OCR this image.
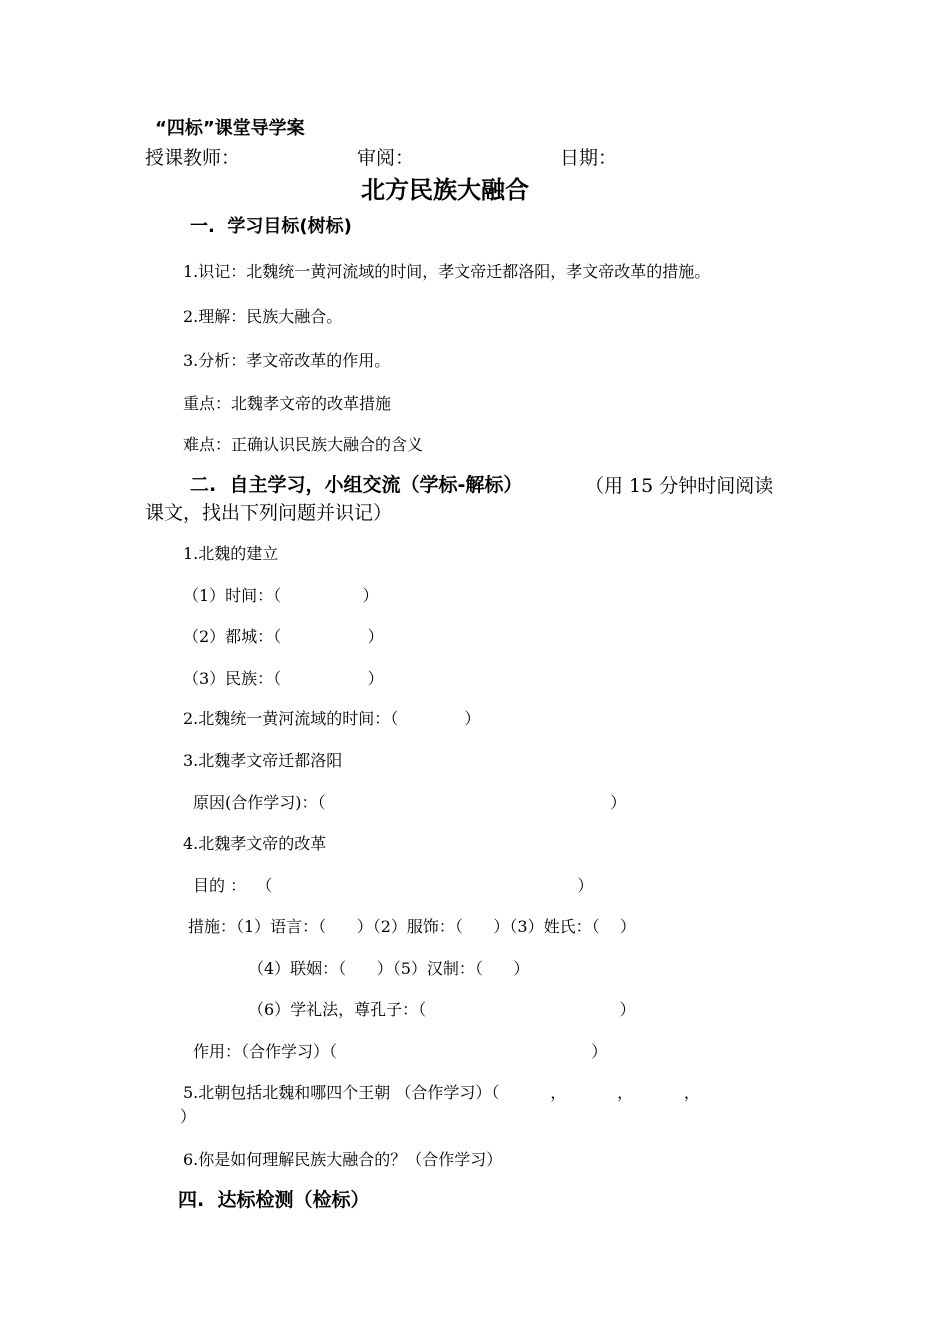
“四标”课堂导学案
授课教师：	审阅：	日期：
北方民族大融合
一.  学习目标(树标)
1.识记：北魏统一黄河流域的时间，孝文帝迁都洛阳，孝文帝改革的措施。
2.理解：民族大融合。
3.分析：孝文帝改革的作用。
重点：北魏孝文帝的改革措施
难点：正确认识民族大融合的含义
二.  自主学习，小组交流（学标-解标）	（用 15 分钟时间阅读
课文，找出下列问题并识记）
1.北魏的建立
（1）时间：（                ）
（2）都城：（                 ）
（3）民族：（                 ）
2.北魏统一黄河流域的时间：（             ）
3.北魏孝文帝迁都洛阳
原因(合作学习)：（                                                        ）
4.北魏孝文帝的改革
目的 ：  （                                                            ）
措施：（1）语言：（      ）（2）服饰：（      ）（3）姓氏：（    ）
（4）联姻：（      ）（5）汉制：（      ）
（6）学礼法，尊孔子：（                                      ）
作用：（合作学习）（                                                  ）
5.北朝包括北魏和哪四个王朝 （合作学习）（          ，          ，          ，
）
6.你是如何理解民族大融合的？（合作学习）
四.  达标检测（检标）
